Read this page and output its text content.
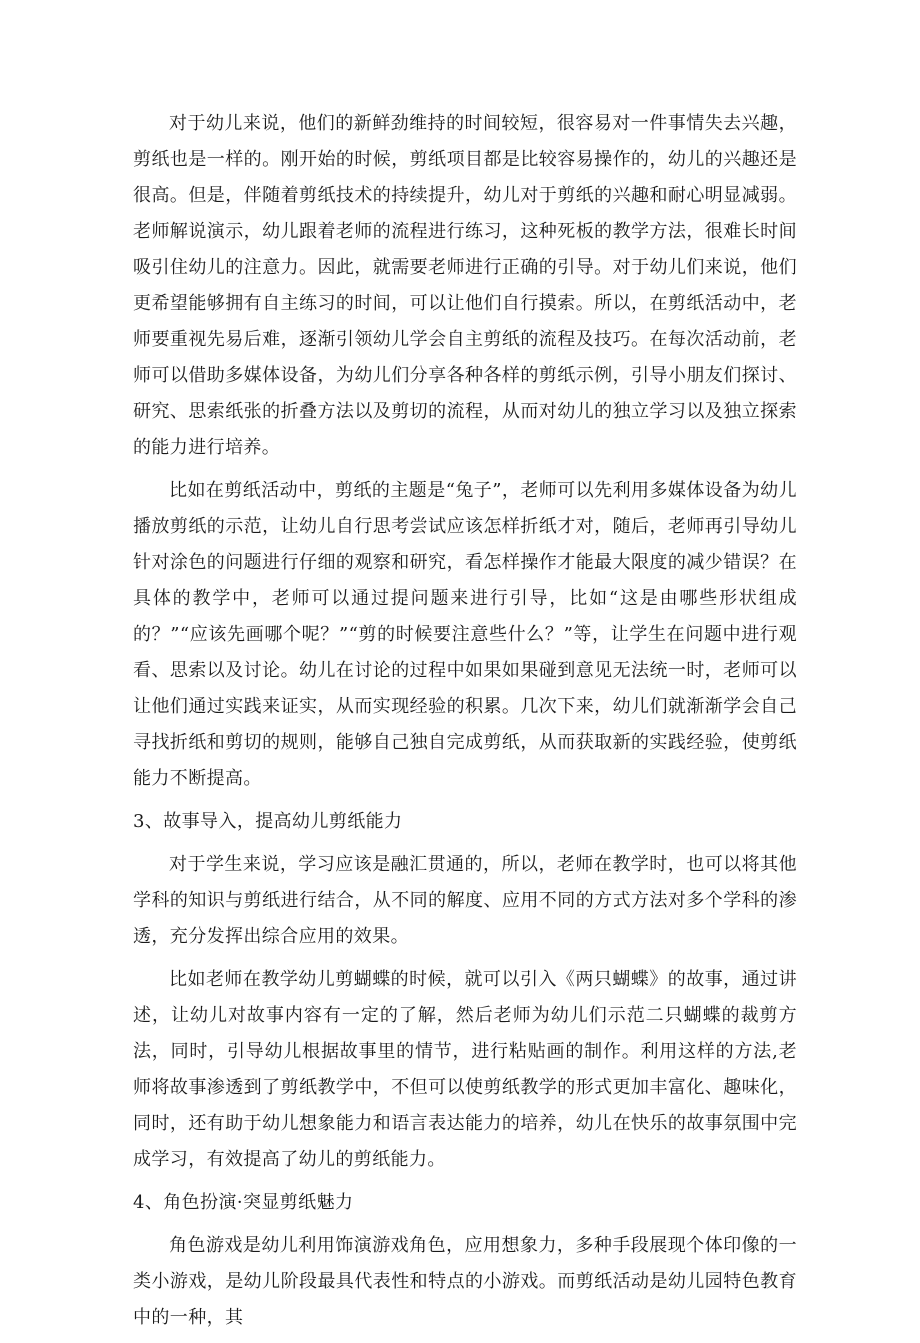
对于幼儿来说，他们的新鲜劲维持的时间较短，很容易对一件事情失去兴趣，剪纸也是一样的。刚开始的时候，剪纸项目都是比较容易操作的，幼儿的兴趣还是很高。但是，伴随着剪纸技术的持续提升，幼儿对于剪纸的兴趣和耐心明显减弱。老师解说演示，幼儿跟着老师的流程进行练习，这种死板的教学方法，很难长时间吸引住幼儿的注意力。因此，就需要老师进行正确的引导。对于幼儿们来说，他们更希望能够拥有自主练习的时间，可以让他们自行摸索。所以，在剪纸活动中，老师要重视先易后难，逐渐引领幼儿学会自主剪纸的流程及技巧。在每次活动前，老师可以借助多媒体设备，为幼儿们分享各种各样的剪纸示例，引导小朋友们探讨、研究、思索纸张的折叠方法以及剪切的流程，从而对幼儿的独立学习以及独立探索的能力进行培养。

比如在剪纸活动中，剪纸的主题是“兔子”，老师可以先利用多媒体设备为幼儿播放剪纸的示范，让幼儿自行思考尝试应该怎样折纸才对，随后，老师再引导幼儿针对涂色的问题进行仔细的观察和研究，看怎样操作才能最大限度的减少错误？在具体的教学中，老师可以通过提问题来进行引导，比如“这是由哪些形状组成的？”“应该先画哪个呢？”“剪的时候要注意些什么？”等，让学生在问题中进行观看、思索以及讨论。幼儿在讨论的过程中如果如果碰到意见无法统一时，老师可以让他们通过实践来证实，从而实现经验的积累。几次下来，幼儿们就渐渐学会自己寻找折纸和剪切的规则，能够自己独自完成剪纸，从而获取新的实践经验，使剪纸能力不断提高。

3、故事导入，提高幼儿剪纸能力

对于学生来说，学习应该是融汇贯通的，所以，老师在教学时，也可以将其他学科的知识与剪纸进行结合，从不同的解度、应用不同的方式方法对多个学科的渗透，充分发挥出综合应用的效果。

比如老师在教学幼儿剪蝴蝶的时候，就可以引入《两只蝴蝶》的故事，通过讲述，让幼儿对故事内容有一定的了解，然后老师为幼儿们示范二只蝴蝶的裁剪方法，同时，引导幼儿根据故事里的情节，进行粘贴画的制作。利用这样的方法,老师将故事渗透到了剪纸教学中，不但可以使剪纸教学的形式更加丰富化、趣味化，同时，还有助于幼儿想象能力和语言表达能力的培养，幼儿在快乐的故事氛围中完成学习，有效提高了幼儿的剪纸能力。

4、角色扮演·突显剪纸魅力

角色游戏是幼儿利用饰演游戏角色，应用想象力，多种手段展现个体印像的一类小游戏，是幼儿阶段最具代表性和特点的小游戏。而剪纸活动是幼儿园特色教育中的一种，其
